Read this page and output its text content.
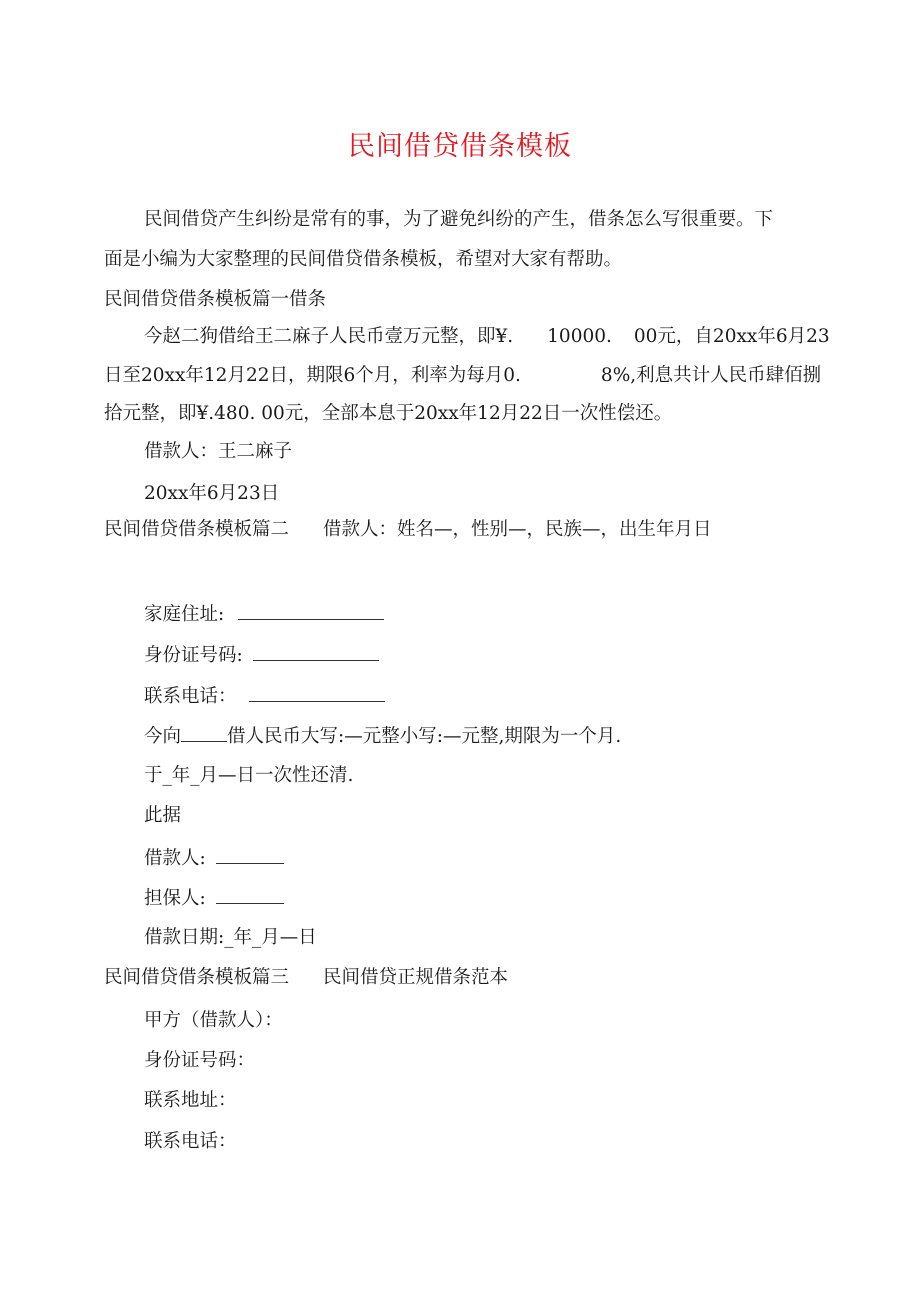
民间借贷借条模板
民间借贷产生纠纷是常有的事，为了避免纠纷的产生，借条怎么写很重要。下
面是小编为大家整理的民间借贷借条模板，希望对大家有帮助。
民间借贷借条模板篇一借条
今赵二狗借给王二麻子人民币壹万元整，即¥. 10000. 00元，自20xx年6月23
日至20xx年12月22日，期限6个月，利率为每月0.	8%,利息共计人民币肆佰捌
拾元整，即¥.480. 00元，全部本息于20xx年12月22日一次性偿还。
借款人：王二麻子
20xx年6月23日
民间借贷借条模板篇二 借款人：姓名—，性别—，民族—，出生年月日
家庭住址:
身份证号码:
联系电话：
今向 借人民币大写:—元整小写:—元整,期限为一个月.
于_年_月—日一次性还清.
此据
借款人:
担保人:
借款日期:_年_月—日
民间借贷借条模板篇三 民间借贷正规借条范本
甲方（借款人）：
身份证号码：
联系地址：
联系电话：
